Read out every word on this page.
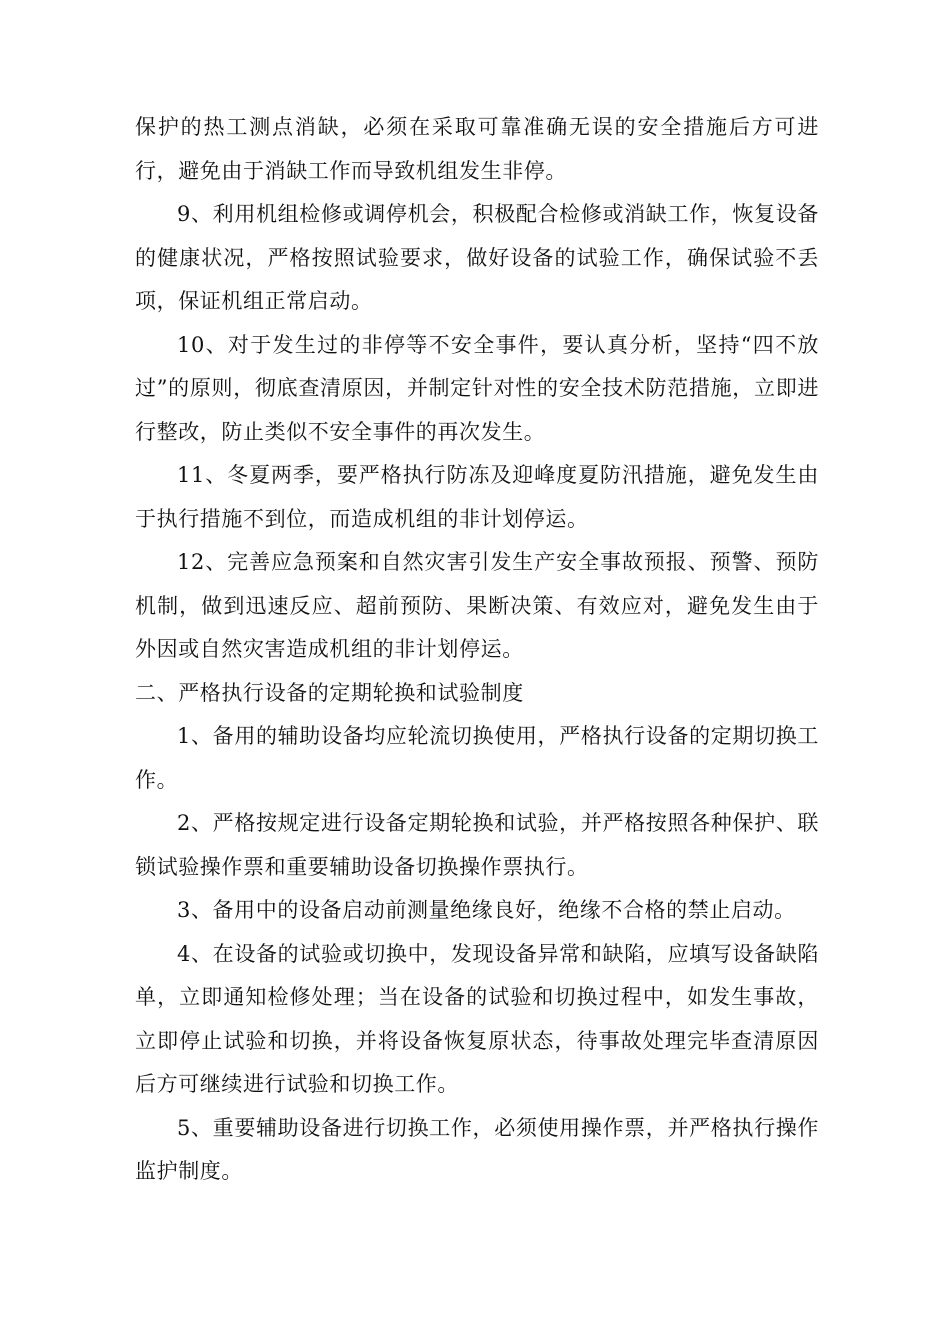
保护的热工测点消缺，必须在采取可靠准确无误的安全措施后方可进行，避免由于消缺工作而导致机组发生非停。

9、利用机组检修或调停机会，积极配合检修或消缺工作，恢复设备的健康状况，严格按照试验要求，做好设备的试验工作，确保试验不丢项，保证机组正常启动。

10、对于发生过的非停等不安全事件，要认真分析，坚持“四不放过”的原则，彻底查清原因，并制定针对性的安全技术防范措施，立即进行整改，防止类似不安全事件的再次发生。

11、冬夏两季，要严格执行防冻及迎峰度夏防汛措施，避免发生由于执行措施不到位，而造成机组的非计划停运。

12、完善应急预案和自然灾害引发生产安全事故预报、预警、预防机制，做到迅速反应、超前预防、果断决策、有效应对，避免发生由于外因或自然灾害造成机组的非计划停运。

二、严格执行设备的定期轮换和试验制度

1、备用的辅助设备均应轮流切换使用，严格执行设备的定期切换工作。

2、严格按规定进行设备定期轮换和试验，并严格按照各种保护、联锁试验操作票和重要辅助设备切换操作票执行。

3、备用中的设备启动前测量绝缘良好，绝缘不合格的禁止启动。

4、在设备的试验或切换中，发现设备异常和缺陷，应填写设备缺陷单，立即通知检修处理；当在设备的试验和切换过程中，如发生事故，立即停止试验和切换，并将设备恢复原状态，待事故处理完毕查清原因后方可继续进行试验和切换工作。

5、重要辅助设备进行切换工作，必须使用操作票，并严格执行操作监护制度。
